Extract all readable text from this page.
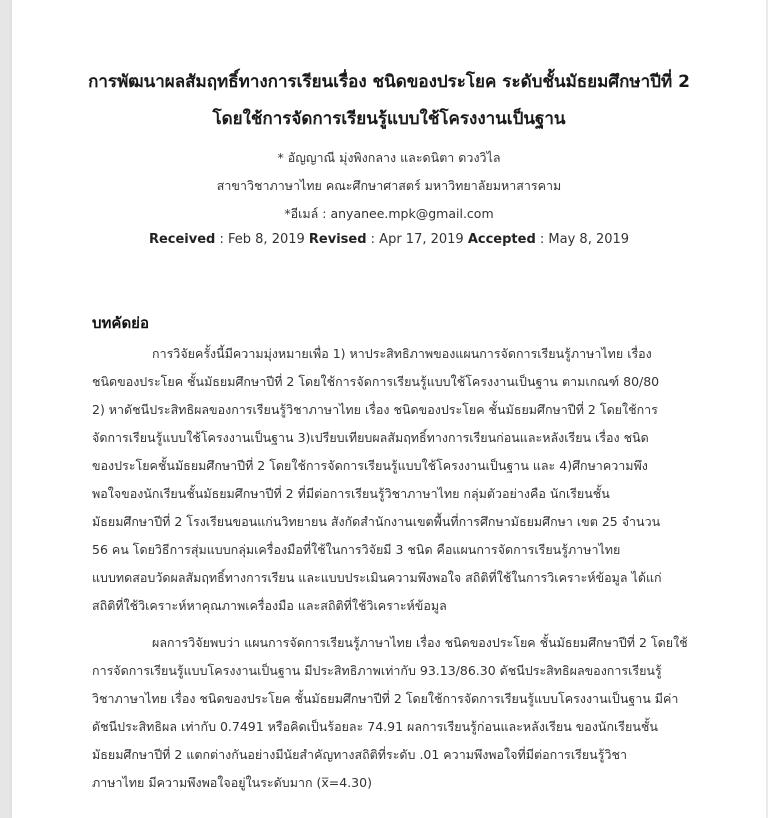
การพัฒนาผลสัมฤทธิ์ทางการเรียนเรื่อง ชนิดของประโยค ระดับชั้นมัธยมศึกษาปีที่ 2
โดยใช้การจัดการเรียนรู้แบบใช้โครงงานเป็นฐาน
* อัญญาณี มุ่งพิงกลาง และดนิตา ดวงวิไล
สาขาวิชาภาษาไทย คณะศึกษาศาสตร์ มหาวิทยาลัยมหาสารคาม
*อีเมล์ : anyanee.mpk@gmail.com
Received : Feb 8, 2019 Revised : Apr 17, 2019 Accepted : May 8, 2019
บทคัดย่อ
การวิจัยครั้งนี้มีความมุ่งหมายเพื่อ 1) หาประสิทธิภาพของแผนการจัดการเรียนรู้ภาษาไทย เรื่อง
ชนิดของประโยค ชั้นมัธยมศึกษาปีที่ 2 โดยใช้การจัดการเรียนรู้แบบใช้โครงงานเป็นฐาน ตามเกณฑ์ 80/80
2) หาดัชนีประสิทธิผลของการเรียนรู้วิชาภาษาไทย เรื่อง ชนิดของประโยค ชั้นมัธยมศึกษาปีที่ 2 โดยใช้การ
จัดการเรียนรู้แบบใช้โครงงานเป็นฐาน 3)เปรียบเทียบผลสัมฤทธิ์ทางการเรียนก่อนและหลังเรียน เรื่อง ชนิด
ของประโยคชั้นมัธยมศึกษาปีที่ 2 โดยใช้การจัดการเรียนรู้แบบใช้โครงงานเป็นฐาน และ 4)ศึกษาความพึง
พอใจของนักเรียนชั้นมัธยมศึกษาปีที่ 2 ที่มีต่อการเรียนรู้วิชาภาษาไทย กลุ่มตัวอย่างคือ นักเรียนชั้น
มัธยมศึกษาปีที่ 2 โรงเรียนขอนแก่นวิทยายน สังกัดสำนักงานเขตพื้นที่การศึกษามัธยมศึกษา เขต 25 จำนวน
56 คน โดยวิธีการสุ่มแบบกลุ่มเครื่องมือที่ใช้ในการวิจัยมี 3 ชนิด คือแผนการจัดการเรียนรู้ภาษาไทย
แบบทดสอบวัดผลสัมฤทธิ์ทางการเรียน และแบบประเมินความพึงพอใจ สถิติที่ใช้ในการวิเคราะห์ข้อมูล ได้แก่
สถิติที่ใช้วิเคราะห์หาคุณภาพเครื่องมือ และสถิติที่ใช้วิเคราะห์ข้อมูล
ผลการวิจัยพบว่า แผนการจัดการเรียนรู้ภาษาไทย เรื่อง ชนิดของประโยค ชั้นมัธยมศึกษาปีที่ 2 โดยใช้
การจัดการเรียนรู้แบบโครงงานเป็นฐาน มีประสิทธิภาพเท่ากับ 93.13/86.30 ดัชนีประสิทธิผลของการเรียนรู้
วิชาภาษาไทย เรื่อง ชนิดของประโยค ชั้นมัธยมศึกษาปีที่ 2 โดยใช้การจัดการเรียนรู้แบบโครงงานเป็นฐาน มีค่า
ดัชนีประสิทธิผล เท่ากับ 0.7491 หรือคิดเป็นร้อยละ 74.91 ผลการเรียนรู้ก่อนและหลังเรียน ของนักเรียนชั้น
มัธยมศึกษาปีที่ 2 แตกต่างกันอย่างมีนัยสำคัญทางสถิติที่ระดับ .01 ความพึงพอใจที่มีต่อการเรียนรู้วิชา
ภาษาไทย มีความพึงพอใจอยู่ในระดับมาก (x̅=4.30)
